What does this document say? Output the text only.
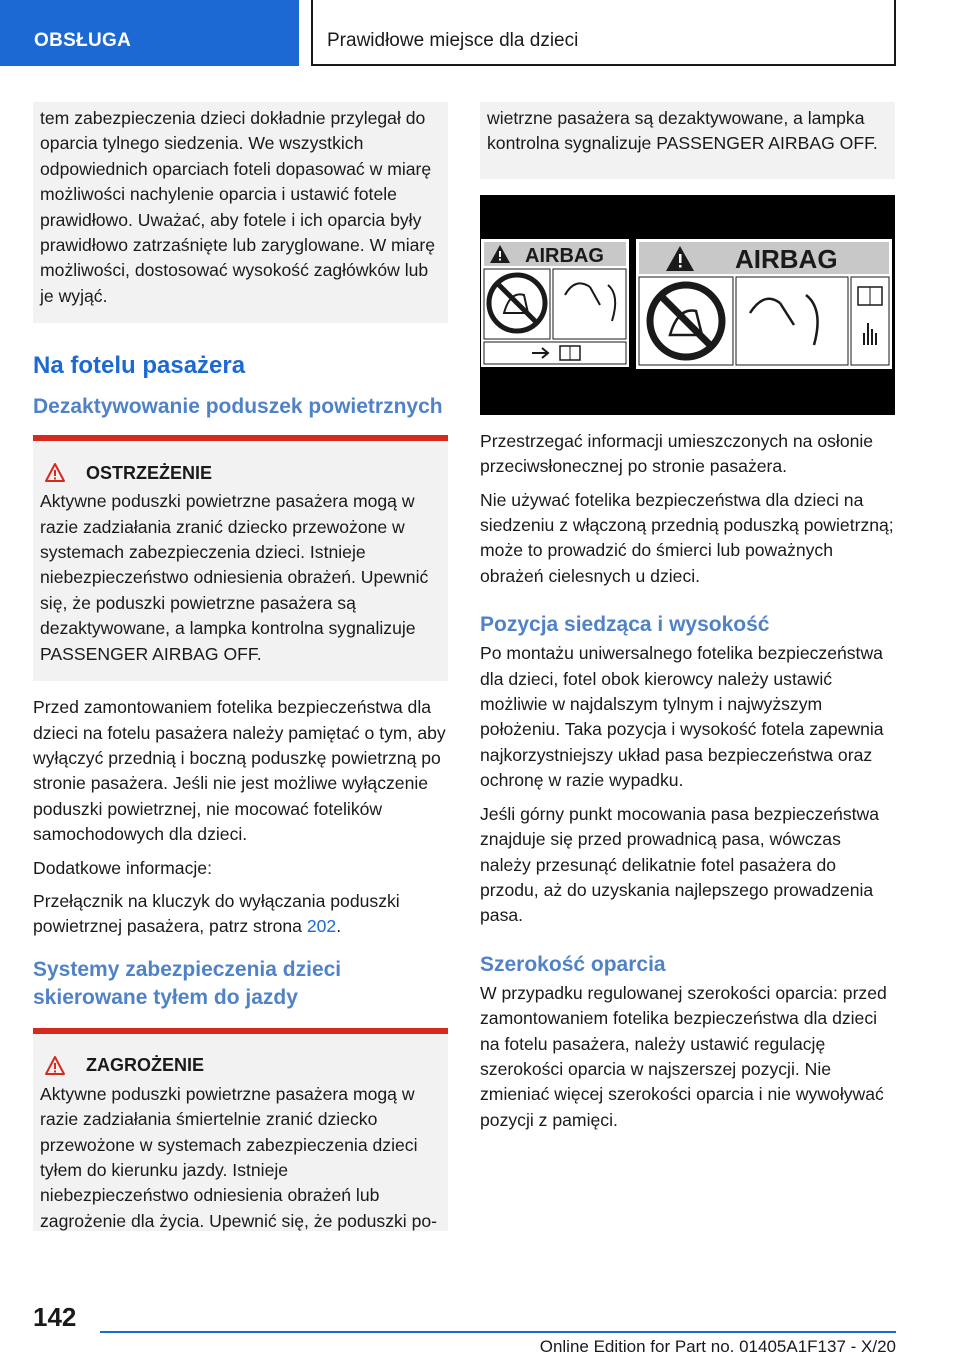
OBSŁUGA	Prawidłowe miejsce dla dzieci

tem zabezpieczenia dzieci dokładnie przylegał do oparcia tylnego siedzenia. We wszystkich odpowiednich oparciach foteli dopasować w miarę możliwości nachylenie oparcia i ustawić fotele prawidłowo. Uważać, aby fotele i ich oparcia były prawidłowo zatrzaśnięte lub zaryglowane. W miarę możliwości, dostosować wysokość zagłówków lub je wyjąć.

Na fotelu pasażera
Dezaktywowanie poduszek powietrznych
OSTRZEŻENIE

Aktywne poduszki powietrzne pasażera mogą w razie zadziałania zranić dziecko przewożone w systemach zabezpieczenia dzieci. Istnieje niebezpieczeństwo odniesienia obrażeń. Upewnić się, że poduszki powietrzne pasażera są dezaktywowane, a lampka kontrolna sygnalizuje PASSENGER AIRBAG OFF.

Przed zamontowaniem fotelika bezpieczeństwa dla dzieci na fotelu pasażera należy pamiętać o tym, aby wyłączyć przednią i boczną poduszkę powietrzną po stronie pasażera. Jeśli nie jest możliwe wyłączenie poduszki powietrznej, nie mocować fotelików samochodowych dla dzieci.

Dodatkowe informacje:

Przełącznik na kluczyk do wyłączania poduszki powietrznej pasażera, patrz strona 202.

Systemy zabezpieczenia dzieci skierowane tyłem do jazdy
ZAGROŻENIE

Aktywne poduszki powietrzne pasażera mogą w razie zadziałania śmiertelnie zranić dziecko przewożone w systemach zabezpieczenia dzieci tyłem do kierunku jazdy. Istnieje niebezpieczeństwo odniesienia obrażeń lub zagrożenie dla życia. Upewnić się, że poduszki po-

wietrzne pasażera są dezaktywowane, a lampka kontrolna sygnalizuje PASSENGER AIRBAG OFF.

AIRBAG	AIRBAG

Przestrzegać informacji umieszczonych na osłonie przeciwsłonecznej po stronie pasażera.

Nie używać fotelika bezpieczeństwa dla dzieci na siedzeniu z włączoną przednią poduszką powietrzną; może to prowadzić do śmierci lub poważnych obrażeń cielesnych u dzieci.

Pozycja siedząca i wysokość

Po montażu uniwersalnego fotelika bezpieczeństwa dla dzieci, fotel obok kierowcy należy ustawić możliwie w najdalszym tylnym i najwyższym położeniu. Taka pozycja i wysokość fotela zapewnia najkorzystniejszy układ pasa bezpieczeństwa oraz ochronę w razie wypadku.

Jeśli górny punkt mocowania pasa bezpieczeństwa znajduje się przed prowadnicą pasa, wówczas należy przesunąć delikatnie fotel pasażera do przodu, aż do uzyskania najlepszego prowadzenia pasa.

Szerokość oparcia

W przypadku regulowanej szerokości oparcia: przed zamontowaniem fotelika bezpieczeństwa dla dzieci na fotelu pasażera, należy ustawić regulację szerokości oparcia w najszerszej pozycji. Nie zmieniać więcej szerokości oparcia i nie wywoływać pozycji z pamięci.

142
Online Edition for Part no. 01405A1F137 - X/20
